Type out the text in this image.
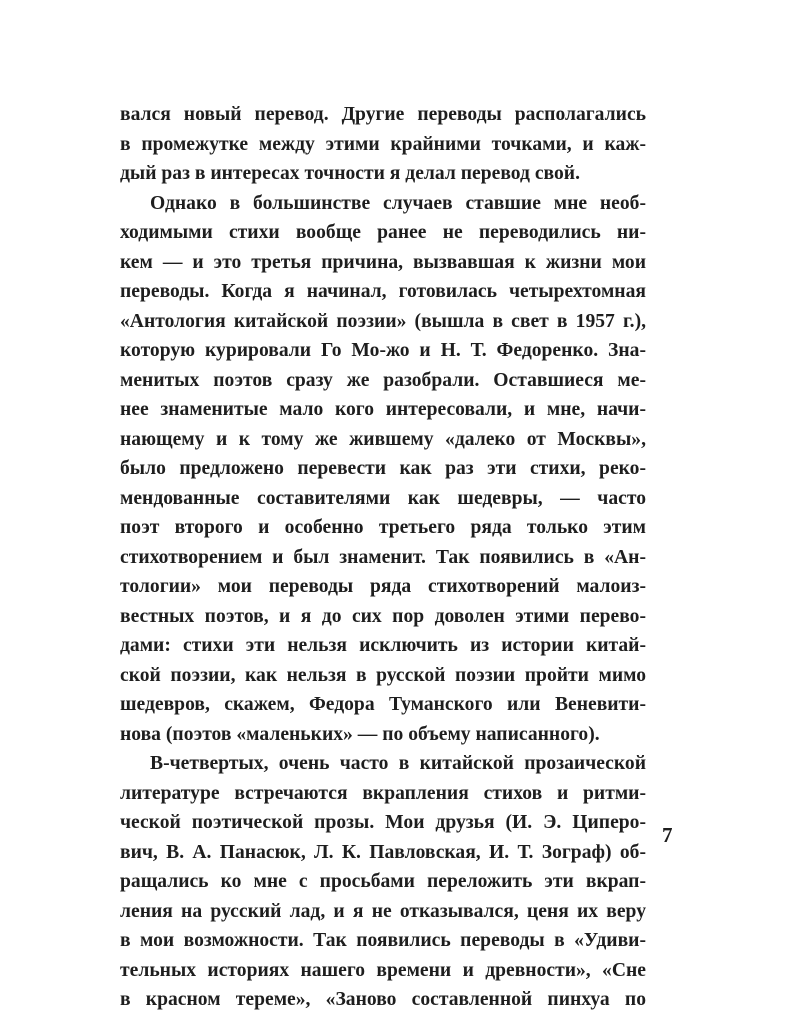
вался новый перевод. Другие переводы располагались
в промежутке между этими крайними точками, и каж-
дый раз в интересах точности я делал перевод свой.
Однако в большинстве случаев ставшие мне необ-
ходимыми стихи вообще ранее не переводились ни-
кем — и это третья причина, вызвавшая к жизни мои
переводы. Когда я начинал, готовилась четырехтомная
«Антология китайской поэзии» (вышла в свет в 1957 г.),
которую курировали Го Мо-жо и Н. Т. Федоренко. Зна-
менитых поэтов сразу же разобрали. Оставшиеся ме-
нее знаменитые мало кого интересовали, и мне, начи-
нающему и к тому же жившему «далеко от Москвы»,
было предложено перевести как раз эти стихи, реко-
мендованные составителями как шедевры, — часто
поэт второго и особенно третьего ряда только этим
стихотворением и был знаменит. Так появились в «Ан-
тологии» мои переводы ряда стихотворений малоиз-
вестных поэтов, и я до сих пор доволен этими перево-
дами: стихи эти нельзя исключить из истории китай-
ской поэзии, как нельзя в русской поэзии пройти мимо
шедевров, скажем, Федора Туманского или Веневити-
нова (поэтов «маленьких» — по объему написанного).
В-четвертых, очень часто в китайской прозаической
литературе встречаются вкрапления стихов и ритми-
ческой поэтической прозы. Мои друзья (И. Э. Циперо-
вич, В. А. Панасюк, Л. К. Павловская, И. Т. Зограф) об-
ращались ко мне с просьбами переложить эти вкрап-
ления на русский лад, и я не отказывался, ценя их веру
в мои возможности. Так появились переводы в «Удиви-
тельных историях нашего времени и древности», «Сне
в красном тереме», «Заново составленной пинхуа по
7
